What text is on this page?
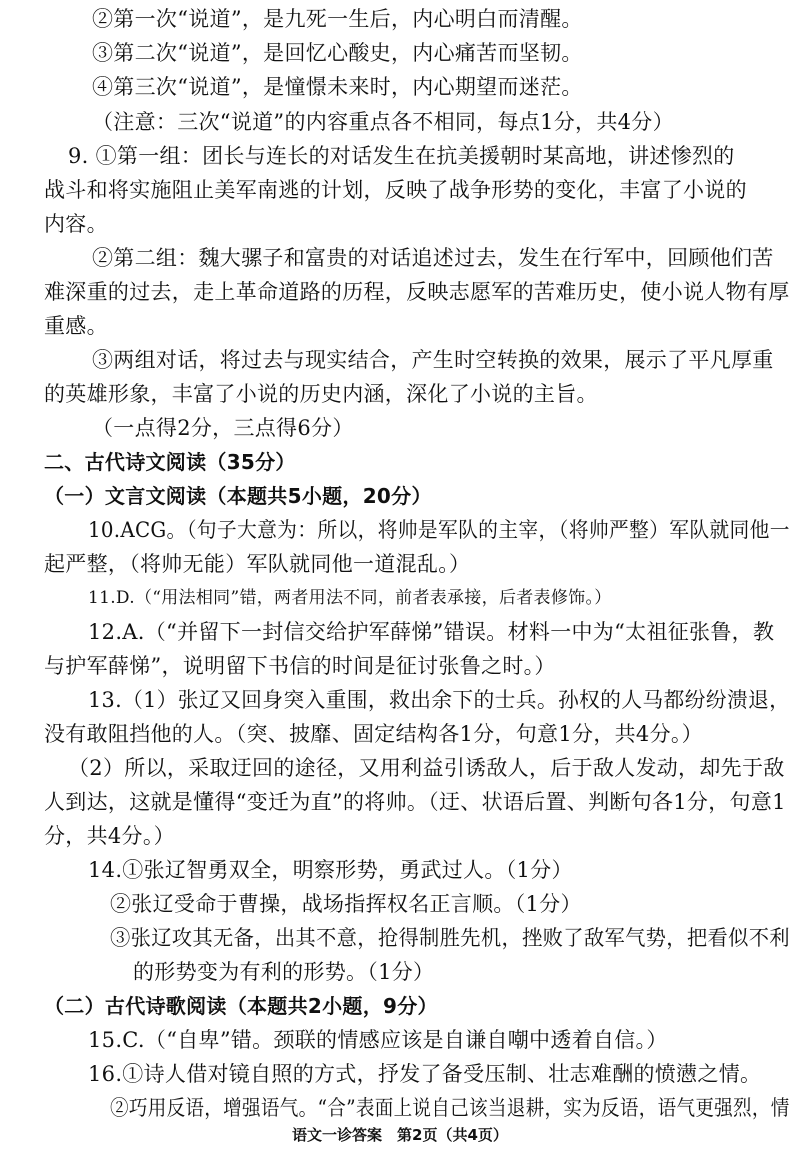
②第一次“说道”，是九死一生后，内心明白而清醒。
③第二次“说道”，是回忆心酸史，内心痛苦而坚韧。
④第三次“说道”，是憧憬未来时，内心期望而迷茫。
（注意：三次“说道”的内容重点各不相同，每点1分，共4分）
9. ①第一组：团长与连长的对话发生在抗美援朝时某高地，讲述惨烈的
战斗和将实施阻止美军南逃的计划，反映了战争形势的变化，丰富了小说的
内容。
②第二组：魏大骡子和富贵的对话追述过去，发生在行军中，回顾他们苦
难深重的过去，走上革命道路的历程，反映志愿军的苦难历史，使小说人物有厚
重感。
③两组对话，将过去与现实结合，产生时空转换的效果，展示了平凡厚重
的英雄形象，丰富了小说的历史内涵，深化了小说的主旨。
（一点得2分，三点得6分）
二、古代诗文阅读（35分）
（一）文言文阅读（本题共5小题，20分）
10.ACG。（句子大意为：所以，将帅是军队的主宰，（将帅严整）军队就同他一
起严整，（将帅无能）军队就同他一道混乱。）
11.D.（“用法相同”错，两者用法不同，前者表承接，后者表修饰。）
12.A.（“并留下一封信交给护军薛悌”错误。材料一中为“太祖征张鲁，教
与护军薛悌”，说明留下书信的时间是征讨张鲁之时。）
13.（1）张辽又回身突入重围，救出余下的士兵。孙权的人马都纷纷溃退，
没有敢阻挡他的人。（突、披靡、固定结构各1分，句意1分，共4分。）
（2）所以，采取迂回的途径，又用利益引诱敌人，后于敌人发动，却先于敌
人到达，这就是懂得“变迁为直”的将帅。（迂、状语后置、判断句各1分，句意1
分，共4分。）
14.①张辽智勇双全，明察形势，勇武过人。（1分）
②张辽受命于曹操，战场指挥权名正言顺。（1分）
③张辽攻其无备，出其不意，抢得制胜先机，挫败了敌军气势，把看似不利
的形势变为有利的形势。（1分）
（二）古代诗歌阅读（本题共2小题，9分）
15.C.（“自卑”错。颈联的情感应该是自谦自嘲中透着自信。）
16.①诗人借对镜自照的方式，抒发了备受压制、壮志难酬的愤懑之情。
②巧用反语，增强语气。“合”表面上说自己该当退耕，实为反语，语气更强烈，情
语文一诊答案　第2页（共4页）
